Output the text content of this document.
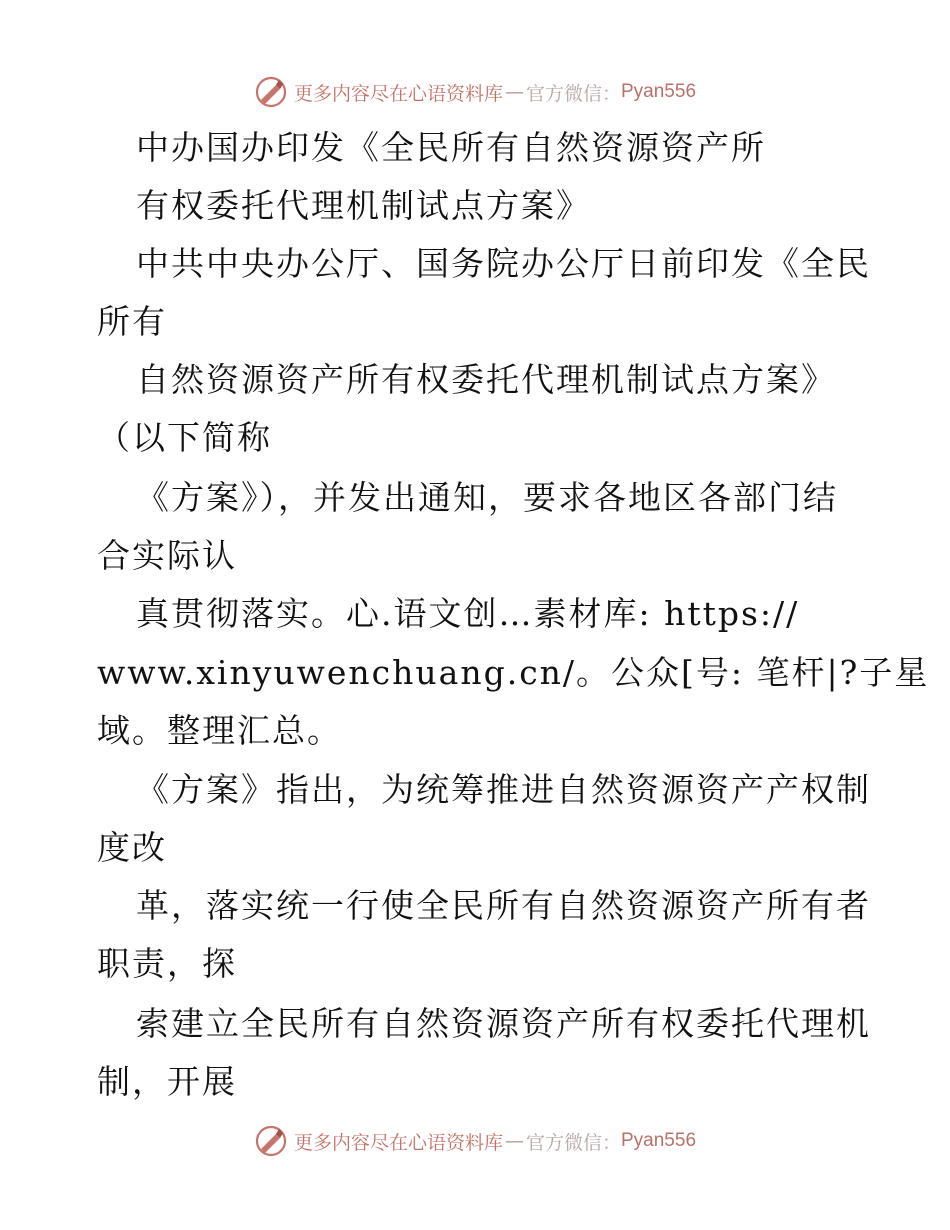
更多内容尽在心语资料库 — 官方微信： Pyan556
中办国办印发《全民所有自然资源资产所
有权委托代理机制试点方案》
中共中央办公厅、国务院办公厅日前印发《全民
所有
自然资源资产所有权委托代理机制试点方案》
（以下简称
《方案》），并发出通知，要求各地区各部门结
合实际认
真贯彻落实。心.语文创…素材库: https://
www.xinyuwenchuang.cn/。公众[号: 笔杆|?子星
域。整理汇总。
《方案》指出，为统筹推进自然资源资产产权制
度改
革，落实统一行使全民所有自然资源资产所有者
职责，探
索建立全民所有自然资源资产所有权委托代理机
制，开展
更多内容尽在心语资料库 — 官方微信： Pyan556
